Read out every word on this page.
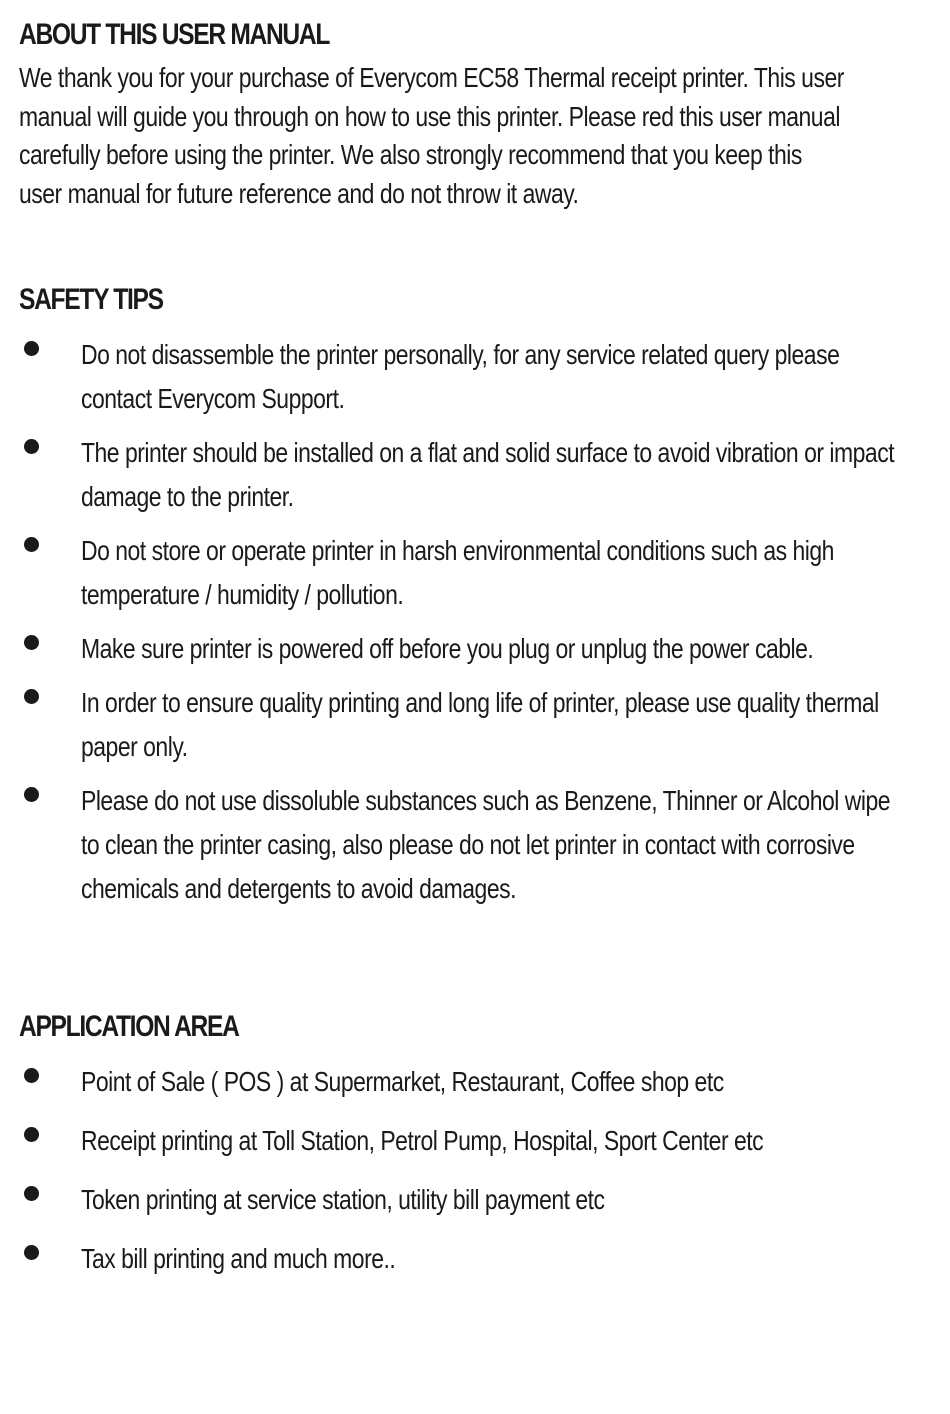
ABOUT THIS USER MANUAL

We thank you for your purchase of Everycom EC58 Thermal receipt printer. This user manual will guide you through on how to use this printer. Please red this user manual carefully before using the printer. We also strongly recommend that you keep this user manual for future reference and do not throw it away.

SAFETY TIPS
Do not disassemble the printer personally, for any service related query please contact Everycom Support.
The printer should be installed on a flat and solid surface to avoid vibration or impact damage to the printer.
Do not store or operate printer in harsh environmental conditions such as high temperature / humidity / pollution.
Make sure printer is powered off before you plug or unplug the power cable.
In order to ensure quality printing and long life of printer, please use quality thermal paper only.
Please do not use dissoluble substances such as Benzene, Thinner or Alcohol wipe to clean the printer casing, also please do not let printer in contact with corrosive chemicals and detergents to avoid damages.
APPLICATION AREA
Point of Sale ( POS ) at Supermarket, Restaurant, Coffee shop etc
Receipt printing at Toll Station, Petrol Pump, Hospital, Sport Center etc
Token printing at service station, utility bill payment etc
Tax bill printing and much more..
